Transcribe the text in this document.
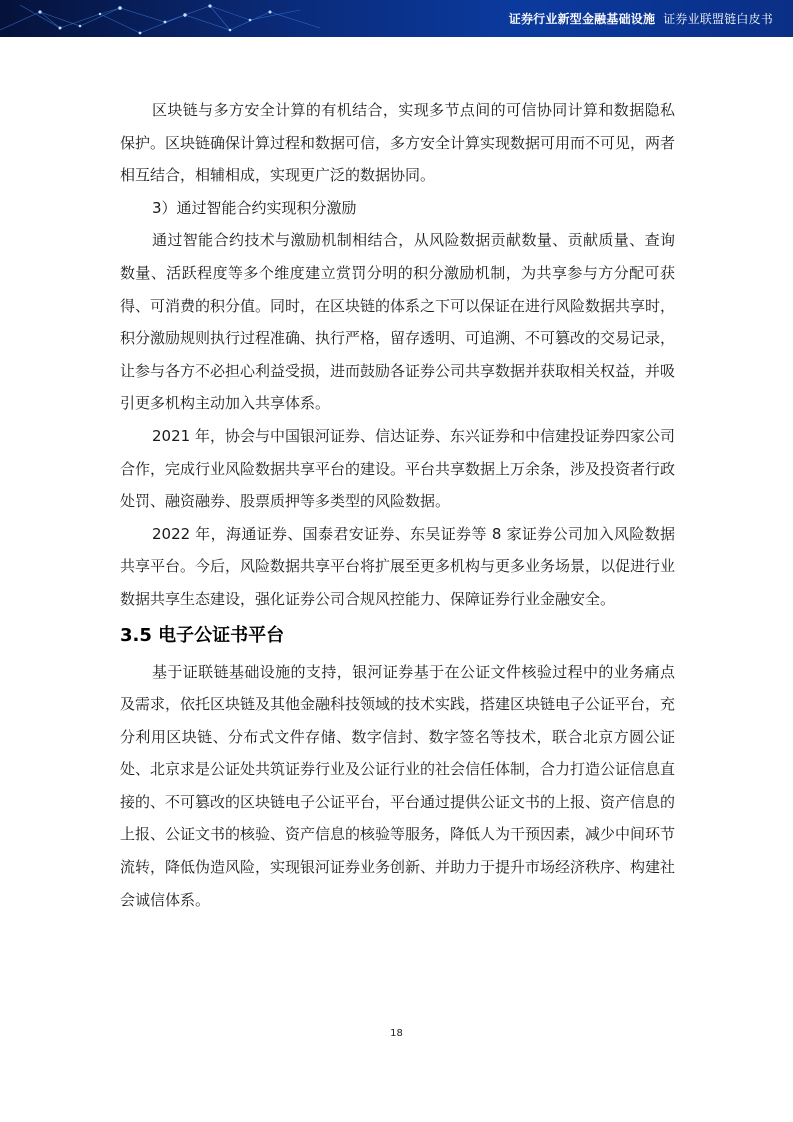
证券行业新型金融基础设施 证券业联盟链白皮书

区块链与多方安全计算的有机结合，实现多节点间的可信协同计算和数据隐私保护。区块链确保计算过程和数据可信，多方安全计算实现数据可用而不可见，两者相互结合，相辅相成，实现更广泛的数据协同。

3）通过智能合约实现积分激励

通过智能合约技术与激励机制相结合，从风险数据贡献数量、贡献质量、查询数量、活跃程度等多个维度建立赏罚分明的积分激励机制，为共享参与方分配可获得、可消费的积分值。同时，在区块链的体系之下可以保证在进行风险数据共享时，积分激励规则执行过程准确、执行严格，留存透明、可追溯、不可篡改的交易记录，让参与各方不必担心利益受损，进而鼓励各证券公司共享数据并获取相关权益，并吸引更多机构主动加入共享体系。

2021 年，协会与中国银河证券、信达证券、东兴证券和中信建投证券四家公司合作，完成行业风险数据共享平台的建设。平台共享数据上万余条，涉及投资者行政处罚、融资融券、股票质押等多类型的风险数据。

2022 年，海通证券、国泰君安证券、东吴证券等 8 家证券公司加入风险数据共享平台。今后，风险数据共享平台将扩展至更多机构与更多业务场景，以促进行业数据共享生态建设，强化证券公司合规风控能力、保障证券行业金融安全。

3.5 电子公证书平台

基于证联链基础设施的支持，银河证券基于在公证文件核验过程中的业务痛点及需求，依托区块链及其他金融科技领域的技术实践，搭建区块链电子公证平台，充分利用区块链、分布式文件存储、数字信封、数字签名等技术，联合北京方圆公证处、北京求是公证处共筑证券行业及公证行业的社会信任体制，合力打造公证信息直接的、不可篡改的区块链电子公证平台，平台通过提供公证文书的上报、资产信息的上报、公证文书的核验、资产信息的核验等服务，降低人为干预因素，减少中间环节流转，降低伪造风险，实现银河证券业务创新、并助力于提升市场经济秩序、构建社会诚信体系。

18
